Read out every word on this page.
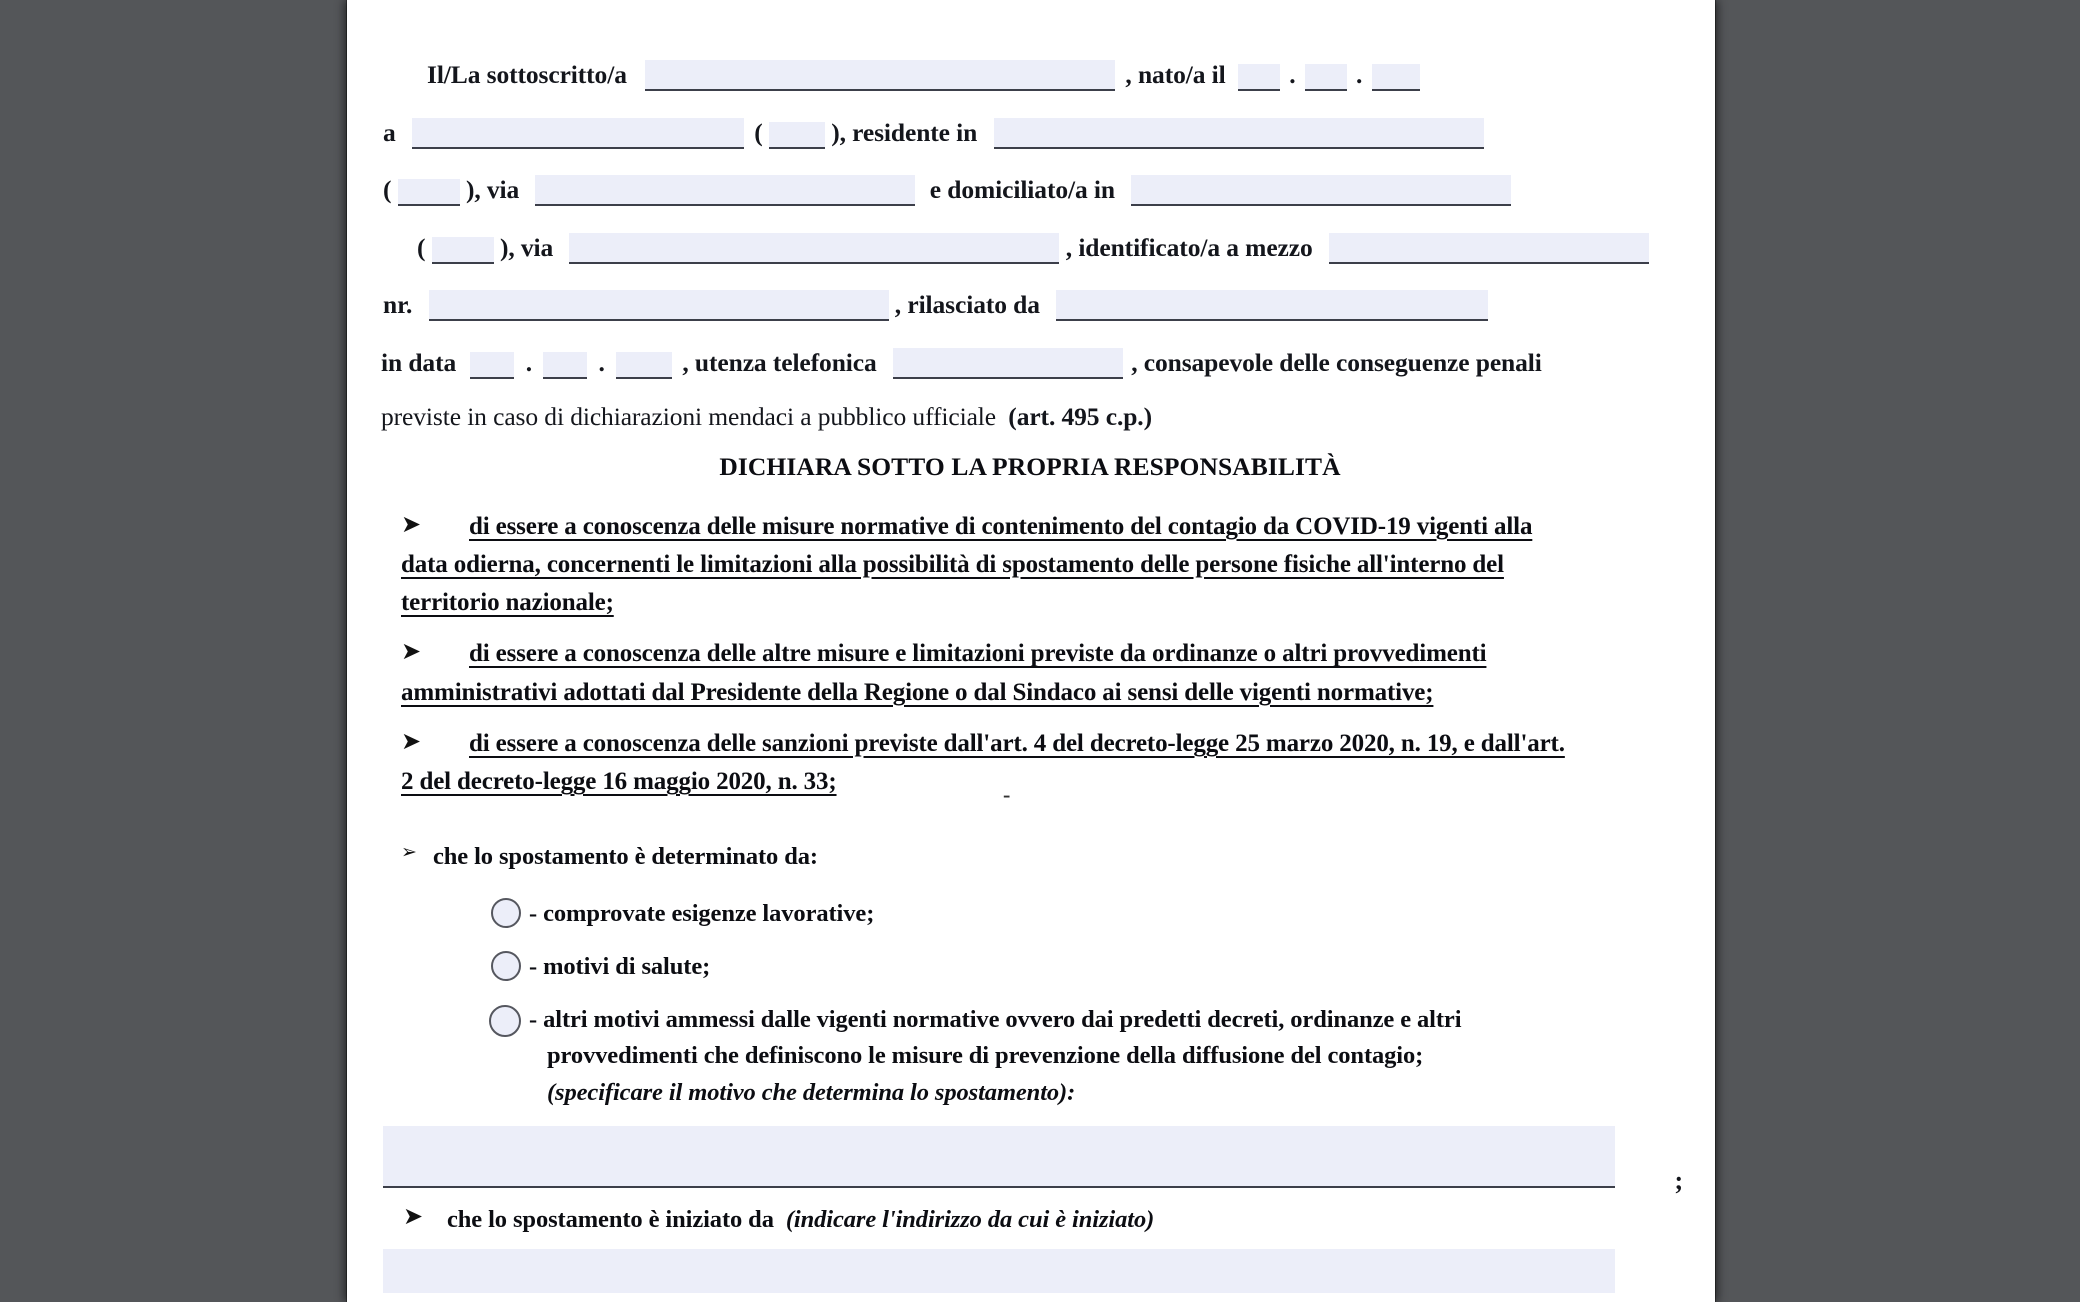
Il/La sottoscritto/a	, nato/a il . .
a	(	), residente in
(	), via	e domiciliato/a in
(	), via	, identificato/a a mezzo
nr.	, rilasciato da
in data	.	.	, utenza telefonica	, consapevole delle conseguenze penali
previste in caso di dichiarazioni mendaci a pubblico ufficiale (art. 495 c.p.)
DICHIARA SOTTO LA PROPRIA RESPONSABILITÀ
➤	di essere a conoscenza delle misure normative di contenimento del contagio da COVID-19 vigenti alla
data odierna, concernenti le limitazioni alla possibilità di spostamento delle persone fisiche all'interno del
territorio nazionale;
➤	di essere a conoscenza delle altre misure e limitazioni previste da ordinanze o altri provvedimenti
amministrativi adottati dal Presidente della Regione o dal Sindaco ai sensi delle vigenti normative;
➤
-
di essere a conoscenza delle sanzioni previste dall'art. 4 del decreto-legge 25 marzo 2020, n. 19, e dall'art.
2 del decreto-legge 16 maggio 2020, n. 33;
➢ che lo spostamento è determinato da:
- comprovate esigenze lavorative;
- motivi di salute;
- altri motivi ammessi dalle vigenti normative ovvero dai predetti decreti, ordinanze e altri
provvedimenti che definiscono le misure di prevenzione della diffusione del contagio;
(specificare il motivo che determina lo spostamento):
;
➤ che lo spostamento è iniziato da (indicare l'indirizzo da cui è iniziato)
